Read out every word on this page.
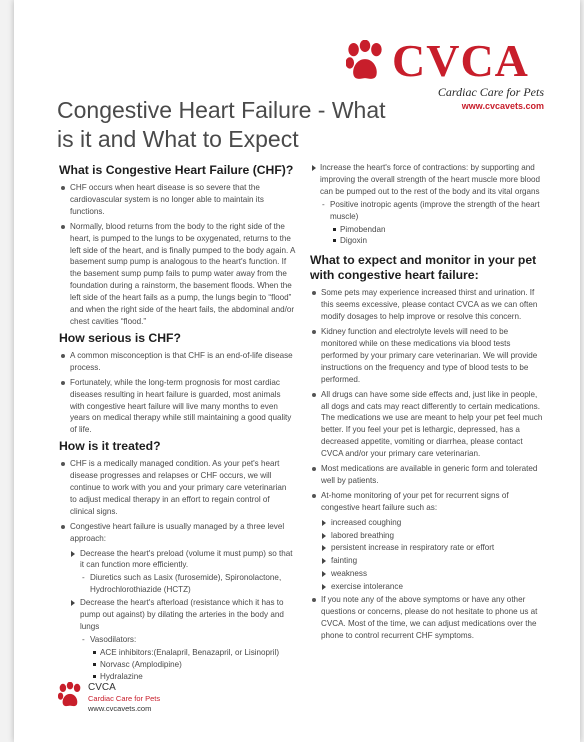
CVCA
Cardiac Care for Pets
www.cvcavets.com
Congestive Heart Failure - What is it and What to Expect
What is Congestive Heart Failure (CHF)?
CHF occurs when heart disease is so severe that the cardiovascular system is no longer able to maintain its functions.
Normally, blood returns from the body to the right side of the heart, is pumped to the lungs to be oxygenated, returns to the left side of the heart, and is finally pumped to the body again. A basement sump pump is analogous to the heart's function. If the basement sump pump fails to pump water away from the foundation during a rainstorm, the basement floods. When the left side of the heart fails as a pump, the lungs begin to “flood” and when the right side of the heart fails, the abdominal and/or chest cavities “flood.”
How serious is CHF?
A common misconception is that CHF is an end-of-life disease process.
Fortunately, while the long-term prognosis for most cardiac diseases resulting in heart failure is guarded, most animals with congestive heart failure will live many months to even years on medical therapy while still maintaining a good quality of life.
How is it treated?
CHF is a medically managed condition. As your pet's heart disease progresses and relapses or CHF occurs, we will continue to work with you and your primary care veterinarian to adjust medical therapy in an effort to regain control of clinical signs.
Congestive heart failure is usually managed by a three level approach:
Decrease the heart's preload (volume it must pump) so that it can function more efficiently.
- Diuretics such as Lasix (furosemide), Spironolactone, Hydrochlorothiazide (HCTZ)
Decrease the heart's afterload (resistance which it has to pump out against) by dilating the arteries in the body and lungs
- Vasodilators:
ACE inhibitors:(Enalapril, Benazapril, or Lisinopril)
Norvasc (Amplodipine)
Hydralazine
Increase the heart's force of contractions: by supporting and improving the overall strength of the heart muscle more blood can be pumped out to the rest of the body and its vital organs
- Positive inotropic agents (improve the strength of the heart muscle)
Pimobendan
Digoxin
What to expect and monitor in your pet with congestive heart failure:
Some pets may experience increased thirst and urination. If this seems excessive, please contact CVCA as we can often modify dosages to help improve or resolve this concern.
Kidney function and electrolyte levels will need to be monitored while on these medications via blood tests performed by your primary care veterinarian. We will provide instructions on the frequency and type of blood tests to be performed.
All drugs can have some side effects and, just like in people, all dogs and cats may react differently to certain medications. The medications we use are meant to help your pet feel much better. If you feel your pet is lethargic, depressed, has a decreased appetite, vomiting or diarrhea, please contact CVCA and/or your primary care veterinarian.
Most medications are available in generic form and tolerated well by patients.
At-home monitoring of your pet for recurrent signs of congestive heart failure such as:
increased coughing
labored breathing
persistent increase in respiratory rate or effort
fainting
weakness
exercise intolerance
If you note any of the above symptoms or have any other questions or concerns, please do not hesitate to phone us at CVCA. Most of the time, we can adjust medications over the phone to control recurrent CHF symptoms.
CVCA
Cardiac Care for Pets
www.cvcavets.com
